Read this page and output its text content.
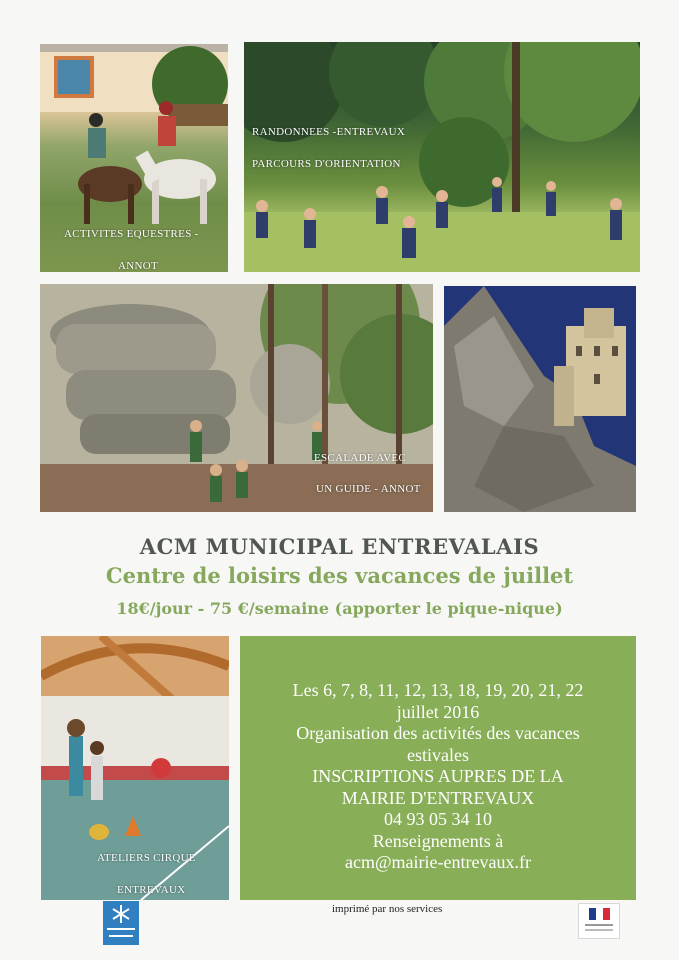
ACTIVITES EQUESTRES -
ANNOT
RANDONNEES -ENTREVAUX
PARCOURS D'ORIENTATION
ESCALADE AVEC
UN GUIDE - ANNOT
ACM MUNICIPAL ENTREVALAIS
Centre de loisirs des vacances de juillet
18€/jour - 75 €/semaine (apporter le pique-nique)
ATELIERS CIRQUE
ENTREVAUX
Les 6, 7, 8, 11, 12, 13, 18, 19, 20, 21, 22
juillet 2016
Organisation des activités des vacances
estivales
INSCRIPTIONS AUPRES DE LA
MAIRIE D'ENTREVAUX
04 93 05 34 10
Renseignements à
acm@mairie-entrevaux.fr
imprimé par nos services
